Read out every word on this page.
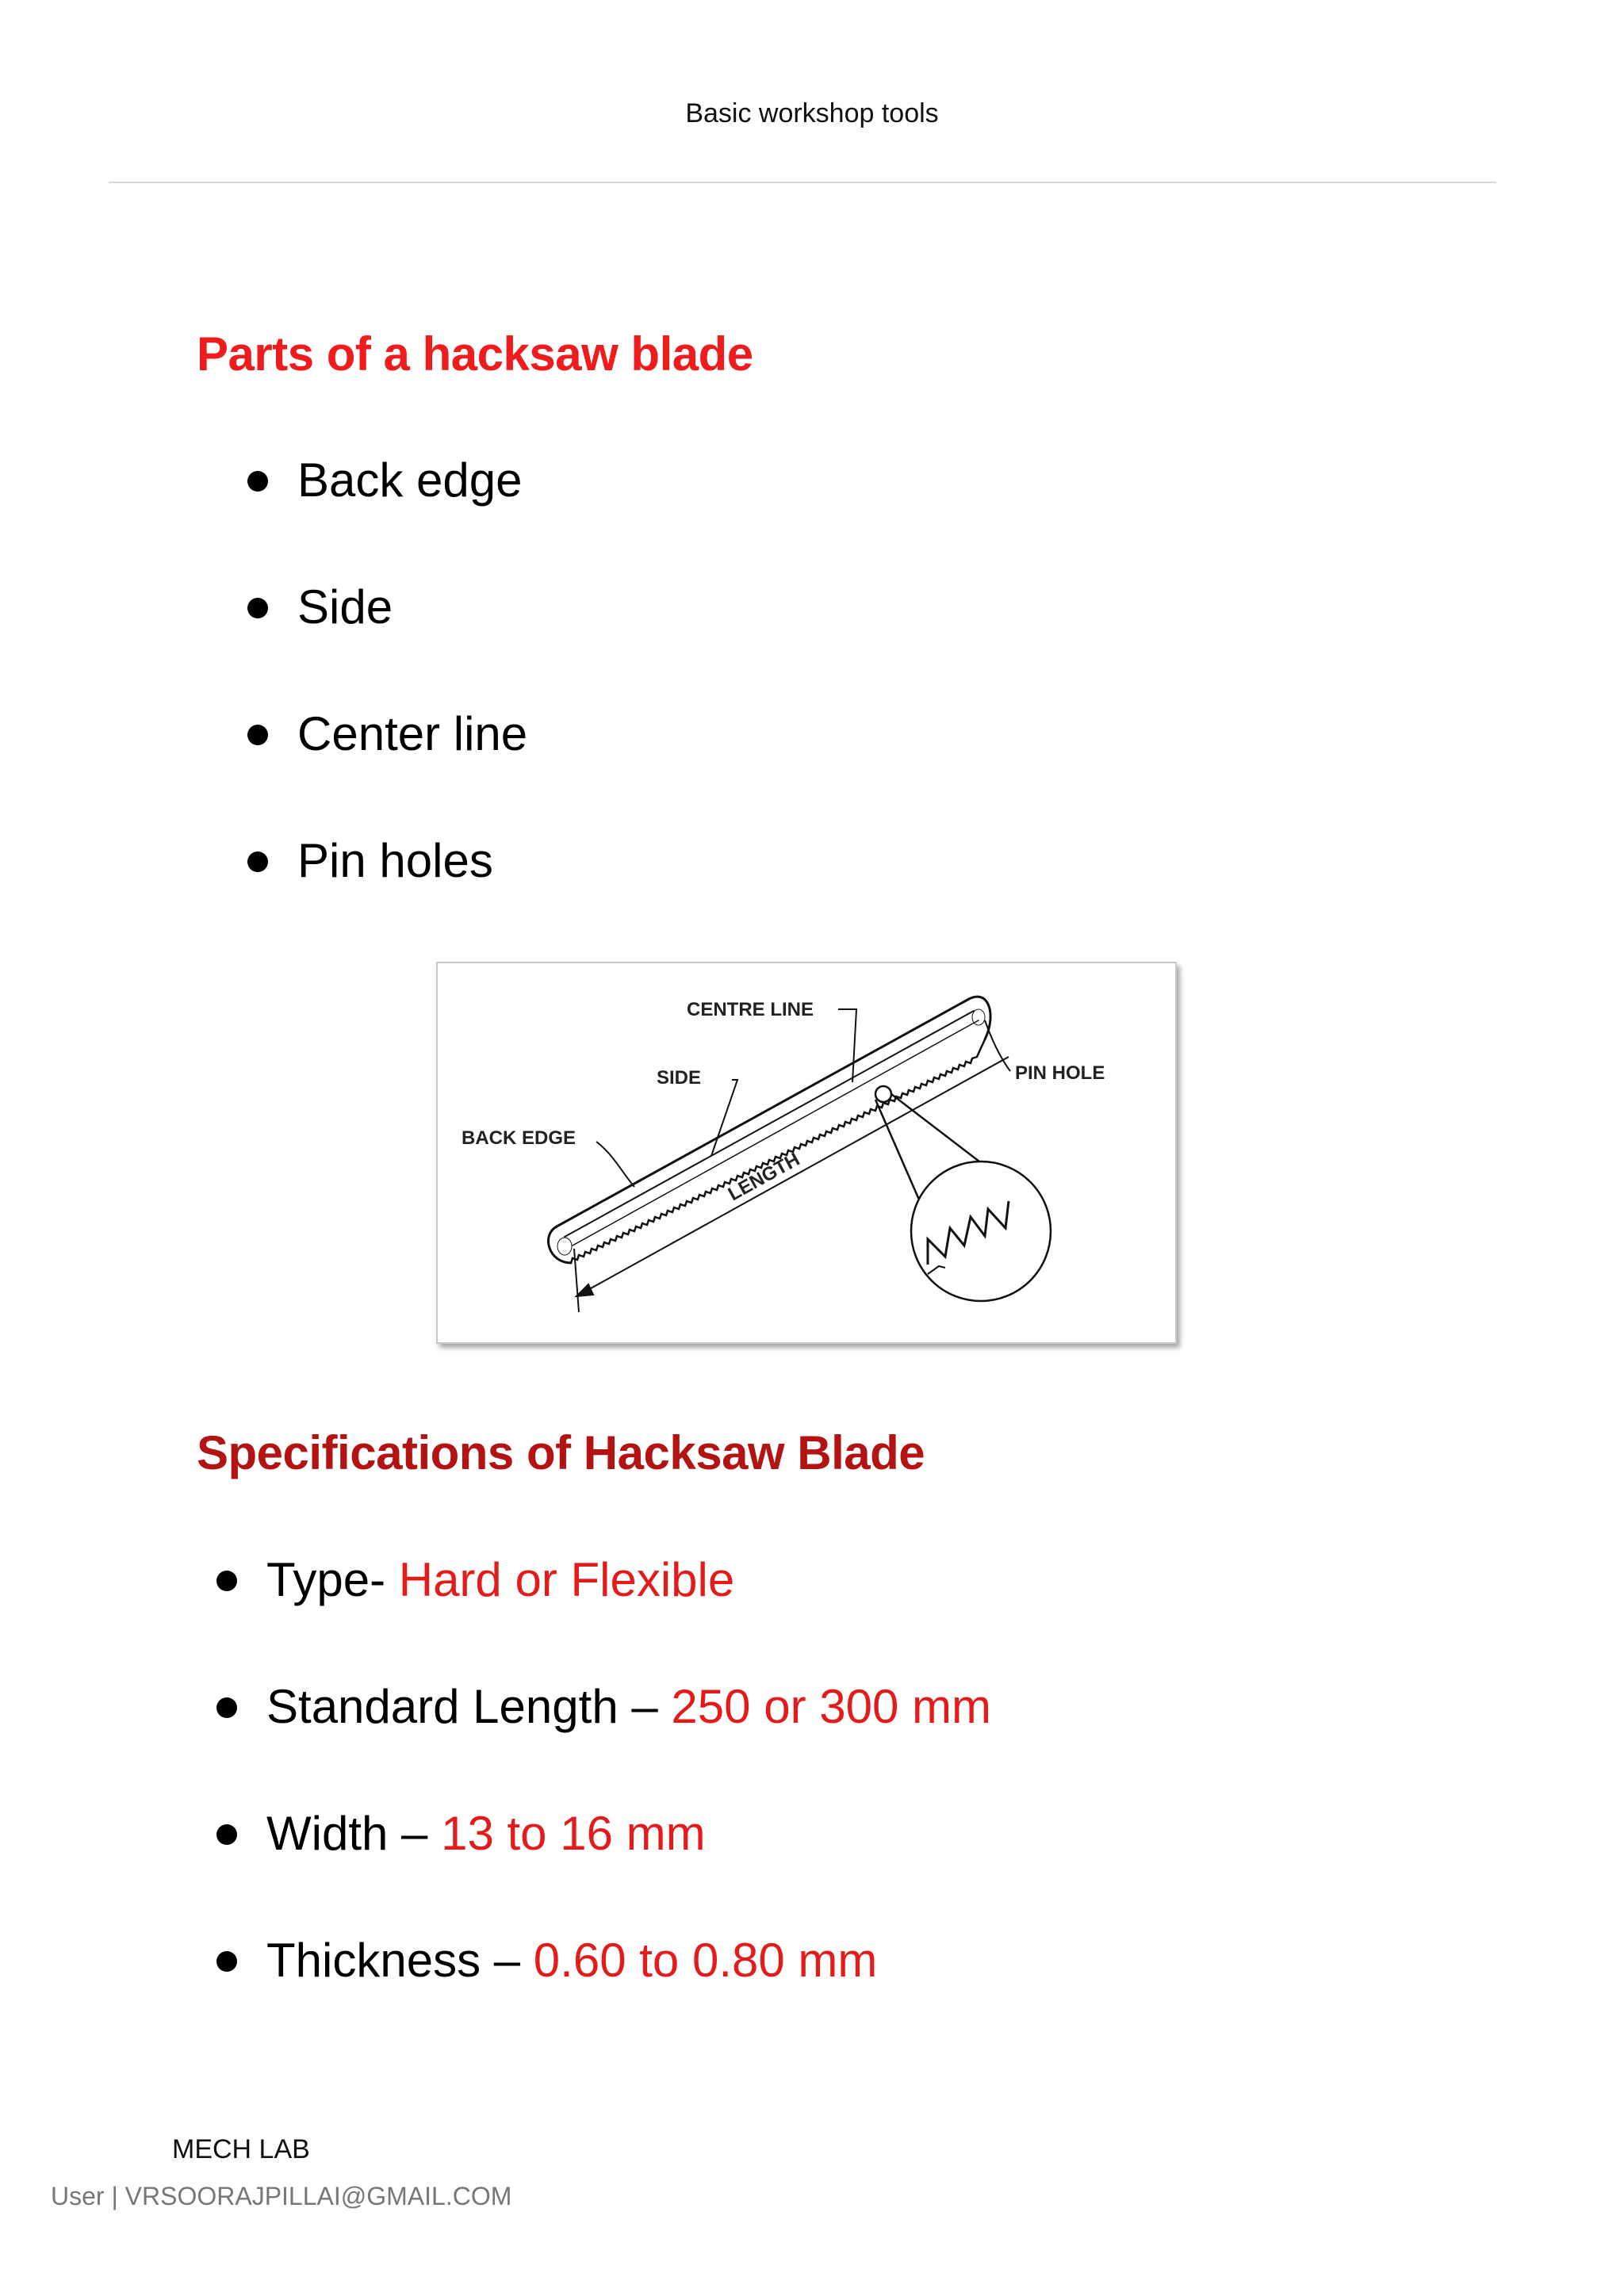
Basic workshop tools
Parts of a hacksaw blade
Back edge
Side
Center line
Pin holes
LENGTH
CENTRE LINE
SIDE
BACK EDGE
PIN HOLE
Specifications of Hacksaw Blade
Type- Hard or Flexible
Standard Length – 250 or 300 mm
Width – 13 to 16 mm
Thickness – 0.60 to 0.80 mm
MECH LAB
User | VRSOORAJPILLAI@GMAIL.COM
